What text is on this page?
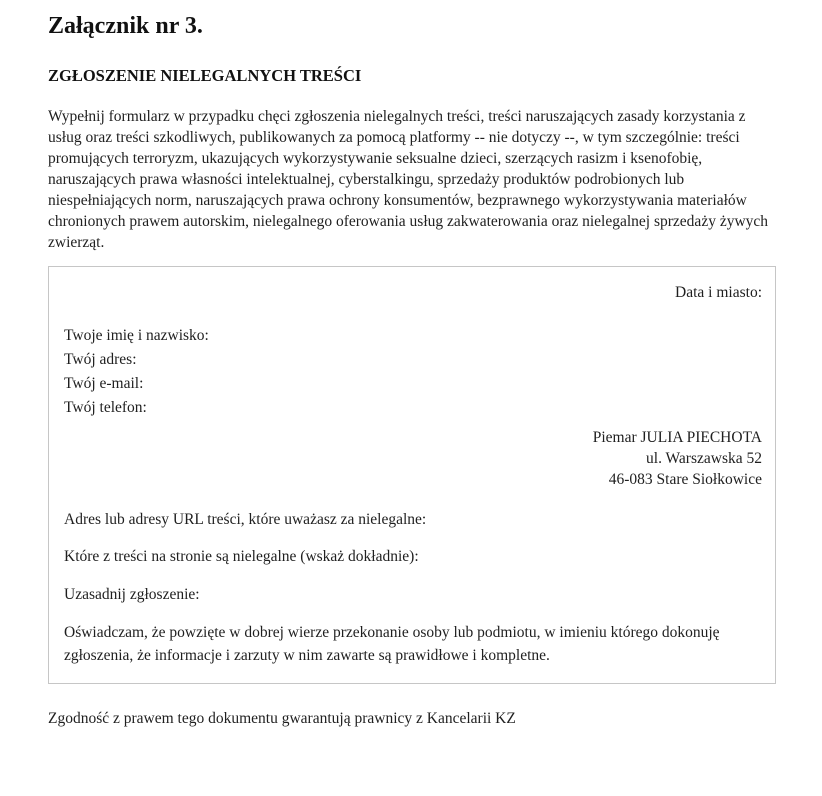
Załącznik nr 3.
ZGŁOSZENIE NIELEGALNYCH TREŚCI

Wypełnij formularz w przypadku chęci zgłoszenia nielegalnych treści, treści naruszających zasady korzystania z usług oraz treści szkodliwych, publikowanych za pomocą platformy -- nie dotyczy --, w tym szczególnie: treści promujących terroryzm, ukazujących wykorzystywanie seksualne dzieci, szerzących rasizm i ksenofobię, naruszających prawa własności intelektualnej, cyberstalkingu, sprzedaży produktów podrobionych lub niespełniających norm, naruszających prawa ochrony konsumentów, bezprawnego wykorzystywania materiałów chronionych prawem autorskim, nielegalnego oferowania usług zakwaterowania oraz nielegalnej sprzedaży żywych zwierząt.

Data i miasto:

Twoje imię i nazwisko:

Twój adres:

Twój e-mail:

Twój telefon:

Piemar JULIA PIECHOTA

ul. Warszawska 52

46-083 Stare Siołkowice

Adres lub adresy URL treści, które uważasz za nielegalne:

Które z treści na stronie są nielegalne (wskaż dokładnie):

Uzasadnij zgłoszenie:

Oświadczam, że powzięte w dobrej wierze przekonanie osoby lub podmiotu, w imieniu którego dokonuję zgłoszenia, że informacje i zarzuty w nim zawarte są prawidłowe i kompletne.

Zgodność z prawem tego dokumentu gwarantują prawnicy z Kancelarii KZ
